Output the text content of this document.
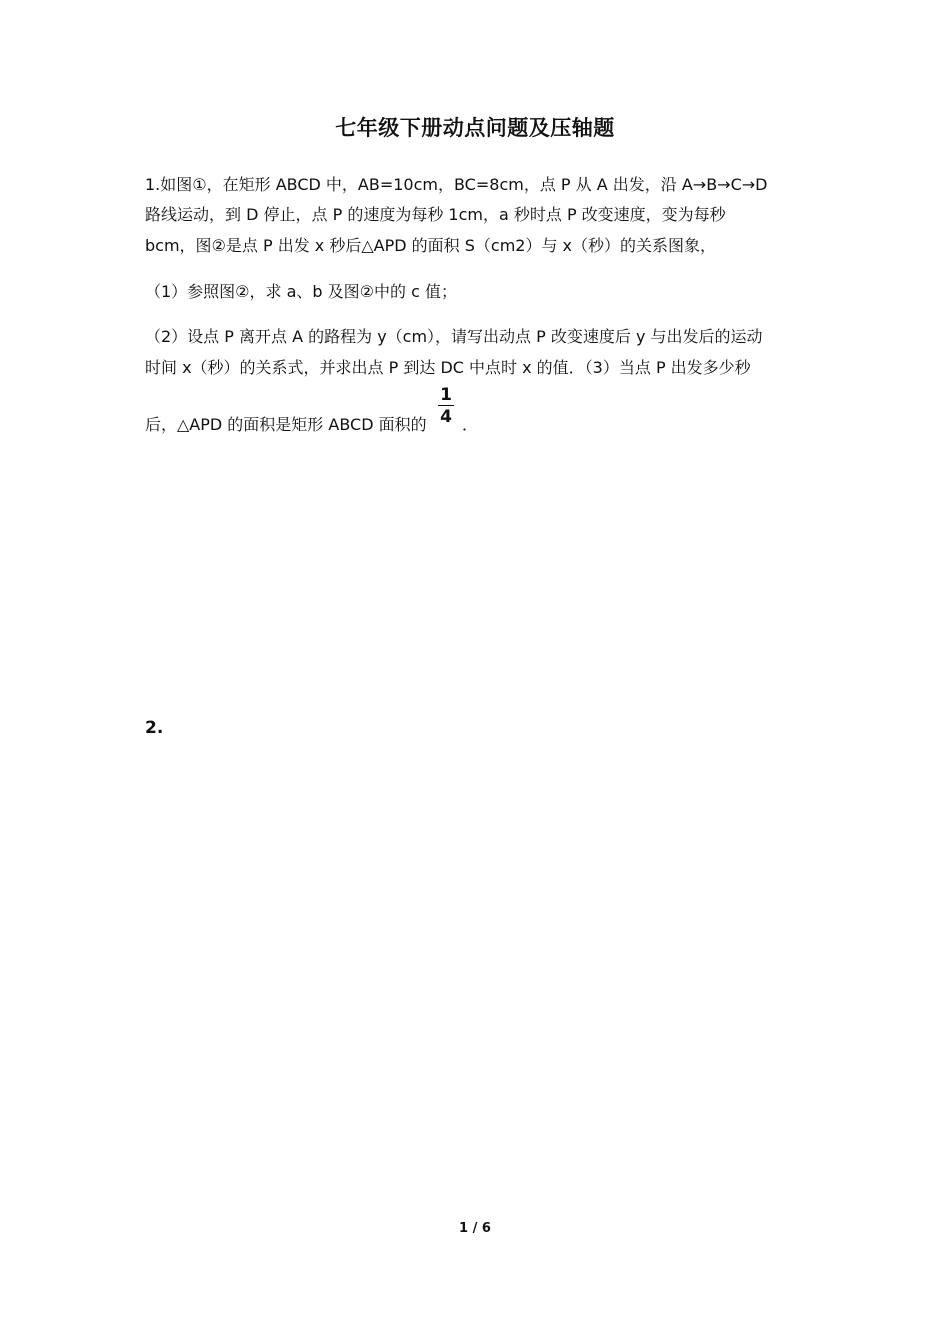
七年级下册动点问题及压轴题
1.如图①，在矩形 ABCD 中，AB=10cm，BC=8cm，点 P 从 A 出发，沿 A→B→C→D
路线运动，到 D 停止，点 P 的速度为每秒 1cm，a 秒时点 P 改变速度，变为每秒
bcm，图②是点 P 出发 x 秒后△APD 的面积 S（cm2）与 x（秒）的关系图象，
（1）参照图②，求 a、b 及图②中的 c 值；
（2）设点 P 离开点 A 的路程为 y（cm），请写出动点 P 改变速度后 y 与出发后的运动
时间 x（秒）的关系式，并求出点 P 到达 DC 中点时 x 的值．（3）当点 P 出发多少秒
后，△APD 的面积是矩形 ABCD 面积的
1
4 ．
2.
1 / 6
